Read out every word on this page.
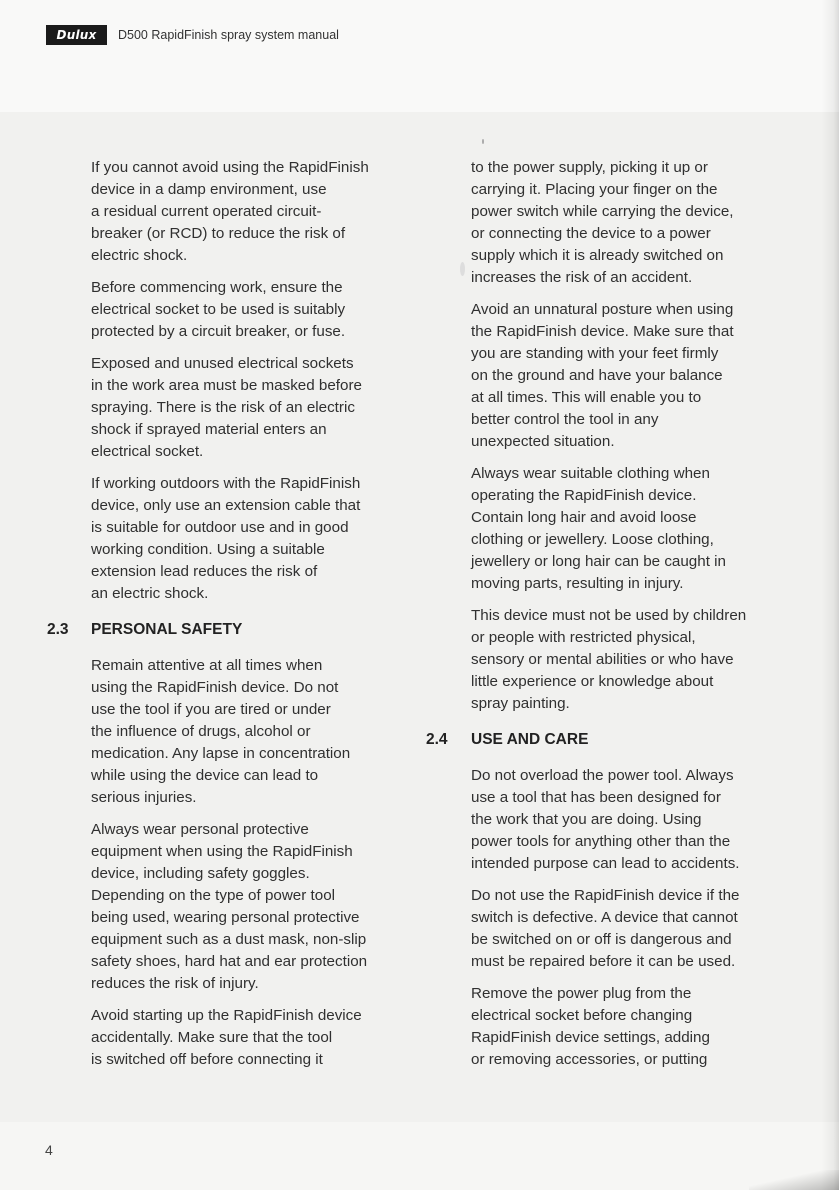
Dulux	D500 RapidFinish spray system manual

If you cannot avoid using the RapidFinish
device in a damp environment, use
a residual current operated circuit-
breaker (or RCD) to reduce the risk of
electric shock.

Before commencing work, ensure the
electrical socket to be used is suitably
protected by a circuit breaker, or fuse.

Exposed and unused electrical sockets
in the work area must be masked before
spraying. There is the risk of an electric
shock if sprayed material enters an
electrical socket.

If working outdoors with the RapidFinish
device, only use an extension cable that
is suitable for outdoor use and in good
working condition. Using a suitable
extension lead reduces the risk of
an electric shock.

2.3	PERSONAL SAFETY

Remain attentive at all times when
using the RapidFinish device. Do not
use the tool if you are tired or under
the influence of drugs, alcohol or
medication. Any lapse in concentration
while using the device can lead to
serious injuries.

Always wear personal protective
equipment when using the RapidFinish
device, including safety goggles.
Depending on the type of power tool
being used, wearing personal protective
equipment such as a dust mask, non-slip
safety shoes, hard hat and ear protection
reduces the risk of injury.

Avoid starting up the RapidFinish device
accidentally. Make sure that the tool
is switched off before connecting it

to the power supply, picking it up or
carrying it. Placing your finger on the
power switch while carrying the device,
or connecting the device to a power
supply which it is already switched on
increases the risk of an accident.

Avoid an unnatural posture when using
the RapidFinish device. Make sure that
you are standing with your feet firmly
on the ground and have your balance
at all times. This will enable you to
better control the tool in any
unexpected situation.

Always wear suitable clothing when
operating the RapidFinish device.
Contain long hair and avoid loose
clothing or jewellery. Loose clothing,
jewellery or long hair can be caught in
moving parts, resulting in injury.

This device must not be used by children
or people with restricted physical,
sensory or mental abilities or who have
little experience or knowledge about
spray painting.

2.4	USE AND CARE

Do not overload the power tool. Always
use a tool that has been designed for
the work that you are doing. Using
power tools for anything other than the
intended purpose can lead to accidents.

Do not use the RapidFinish device if the
switch is defective. A device that cannot
be switched on or off is dangerous and
must be repaired before it can be used.

Remove the power plug from the
electrical socket before changing
RapidFinish device settings, adding
or removing accessories, or putting

4
